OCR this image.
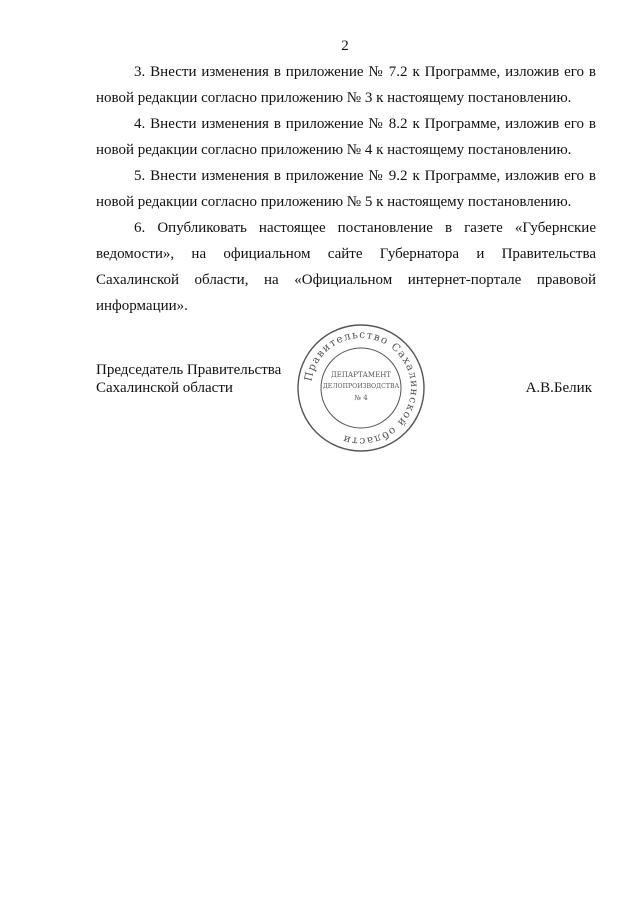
2

3. Внести изменения в приложение № 7.2 к Программе, изложив его в новой редакции согласно приложению № 3 к настоящему постановлению.

4. Внести изменения в приложение № 8.2 к Программе, изложив его в новой редакции согласно приложению № 4 к настоящему постановлению.

5. Внести изменения в приложение № 9.2 к Программе, изложив его в новой редакции согласно приложению № 5 к настоящему постановлению.

6. Опубликовать настоящее постановление в газете «Губернские ведомости», на официальном сайте Губернатора и Правительства Сахалинской области, на «Официальном интернет-портале правовой информации».

Председатель Правительства
Сахалинской области	А.В.Белик
Правительство Сахалинской области
ДЕПАРТАМЕНТ
ДЕЛОПРОИЗВОДСТВА
№ 4
